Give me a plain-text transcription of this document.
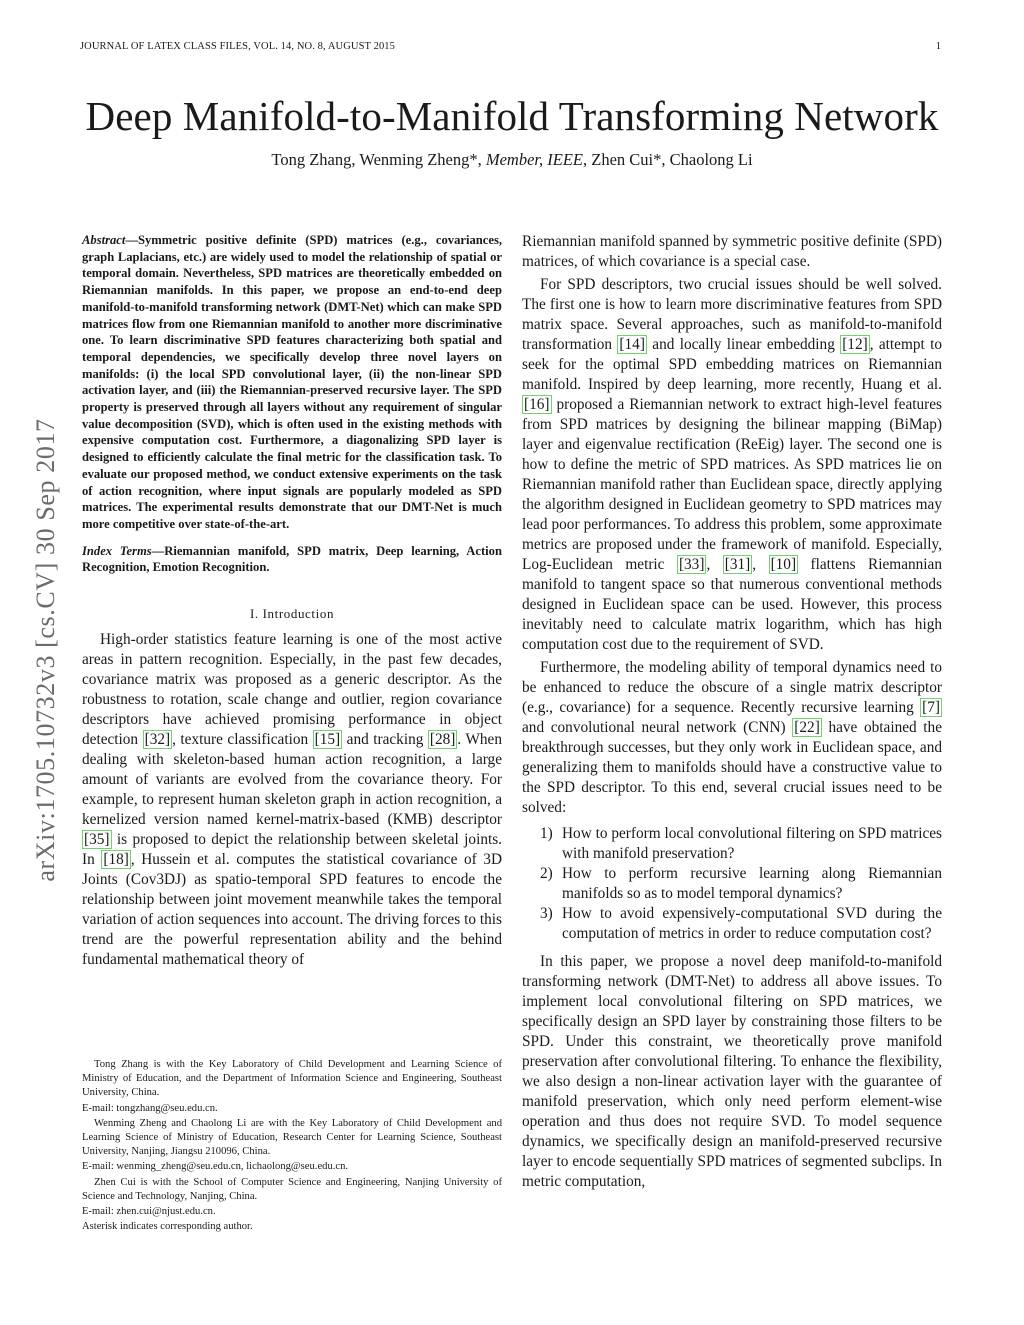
JOURNAL OF LATEX CLASS FILES, VOL. 14, NO. 8, AUGUST 2015	1
Deep Manifold-to-Manifold Transforming Network
Tong Zhang, Wenming Zheng*, Member, IEEE, Zhen Cui*, Chaolong Li
arXiv:1705.10732v3 [cs.CV] 30 Sep 2017

Abstract—Symmetric positive definite (SPD) matrices (e.g., covariances, graph Laplacians, etc.) are widely used to model the relationship of spatial or temporal domain. Nevertheless, SPD matrices are theoretically embedded on Riemannian manifolds. In this paper, we propose an end-to-end deep manifold-to-manifold transforming network (DMT-Net) which can make SPD matrices flow from one Riemannian manifold to another more discriminative one. To learn discriminative SPD features characterizing both spatial and temporal dependencies, we specifically develop three novel layers on manifolds: (i) the local SPD convolutional layer, (ii) the non-linear SPD activation layer, and (iii) the Riemannian-preserved recursive layer. The SPD property is preserved through all layers without any requirement of singular value decomposition (SVD), which is often used in the existing methods with expensive computation cost. Furthermore, a diagonalizing SPD layer is designed to efficiently calculate the final metric for the classification task. To evaluate our proposed method, we conduct extensive experiments on the task of action recognition, where input signals are popularly modeled as SPD matrices. The experimental results demonstrate that our DMT-Net is much more competitive over state-of-the-art.

Index Terms—Riemannian manifold, SPD matrix, Deep learning, Action Recognition, Emotion Recognition.

I. Introduction

High-order statistics feature learning is one of the most active areas in pattern recognition. Especially, in the past few decades, covariance matrix was proposed as a generic descriptor. As the robustness to rotation, scale change and outlier, region covariance descriptors have achieved promising performance in object detection [32] , texture classification [15] and tracking [28] . When dealing with skeleton-based human action recognition, a large amount of variants are evolved from the covariance theory. For example, to represent human skeleton graph in action recognition, a kernelized version named kernel-matrix-based (KMB) descriptor [35] is proposed to depict the relationship between skeletal joints. In [18] , Hussein et al. computes the statistical covariance of 3D Joints (Cov3DJ) as spatio-temporal SPD features to encode the relationship between joint movement meanwhile takes the temporal variation of action sequences into account. The driving forces to this trend are the powerful representation ability and the behind fundamental mathematical theory of

Tong Zhang is with the Key Laboratory of Child Development and Learning Science of Ministry of Education, and the Department of Information Science and Engineering, Southeast University, China.

E-mail: tongzhang@seu.edu.cn.

Wenming Zheng and Chaolong Li are with the Key Laboratory of Child Development and Learning Science of Ministry of Education, Research Center for Learning Science, Southeast University, Nanjing, Jiangsu 210096, China.

E-mail: wenming_zheng@seu.edu.cn, lichaolong@seu.edu.cn.

Zhen Cui is with the School of Computer Science and Engineering, Nanjing University of Science and Technology, Nanjing, China.

E-mail: zhen.cui@njust.edu.cn.

Asterisk indicates corresponding author.

Riemannian manifold spanned by symmetric positive definite (SPD) matrices, of which covariance is a special case.

For SPD descriptors, two crucial issues should be well solved. The first one is how to learn more discriminative features from SPD matrix space. Several approaches, such as manifold-to-manifold transformation [14] and locally linear embedding [12] , attempt to seek for the optimal SPD embedding matrices on Riemannian manifold. Inspired by deep learning, more recently, Huang et al. [16] proposed a Riemannian network to extract high-level features from SPD matrices by designing the bilinear mapping (BiMap) layer and eigenvalue rectification (ReEig) layer. The second one is how to define the metric of SPD matrices. As SPD matrices lie on Riemannian manifold rather than Euclidean space, directly applying the algorithm designed in Euclidean geometry to SPD matrices may lead poor performances. To address this problem, some approximate metrics are proposed under the framework of manifold. Especially, Log-Euclidean metric [33] , [31] , [10] flattens Riemannian manifold to tangent space so that numerous conventional methods designed in Euclidean space can be used. However, this process inevitably need to calculate matrix logarithm, which has high computation cost due to the requirement of SVD.

Furthermore, the modeling ability of temporal dynamics need to be enhanced to reduce the obscure of a single matrix descriptor (e.g., covariance) for a sequence. Recently recursive learning [7] and convolutional neural network (CNN) [22] have obtained the breakthrough successes, but they only work in Euclidean space, and generalizing them to manifolds should have a constructive value to the SPD descriptor. To this end, several crucial issues need to be solved:

1) How to perform local convolutional filtering on SPD matrices with manifold preservation?
2) How to perform recursive learning along Riemannian manifolds so as to model temporal dynamics?
3) How to avoid expensively-computational SVD during the computation of metrics in order to reduce computation cost?

In this paper, we propose a novel deep manifold-to-manifold transforming network (DMT-Net) to address all above issues. To implement local convolutional filtering on SPD matrices, we specifically design an SPD layer by constraining those filters to be SPD. Under this constraint, we theoretically prove manifold preservation after convolutional filtering. To enhance the flexibility, we also design a non-linear activation layer with the guarantee of manifold preservation, which only need perform element-wise operation and thus does not require SVD. To model sequence dynamics, we specifically design an manifold-preserved recursive layer to encode sequentially SPD matrices of segmented subclips. In metric computation,
